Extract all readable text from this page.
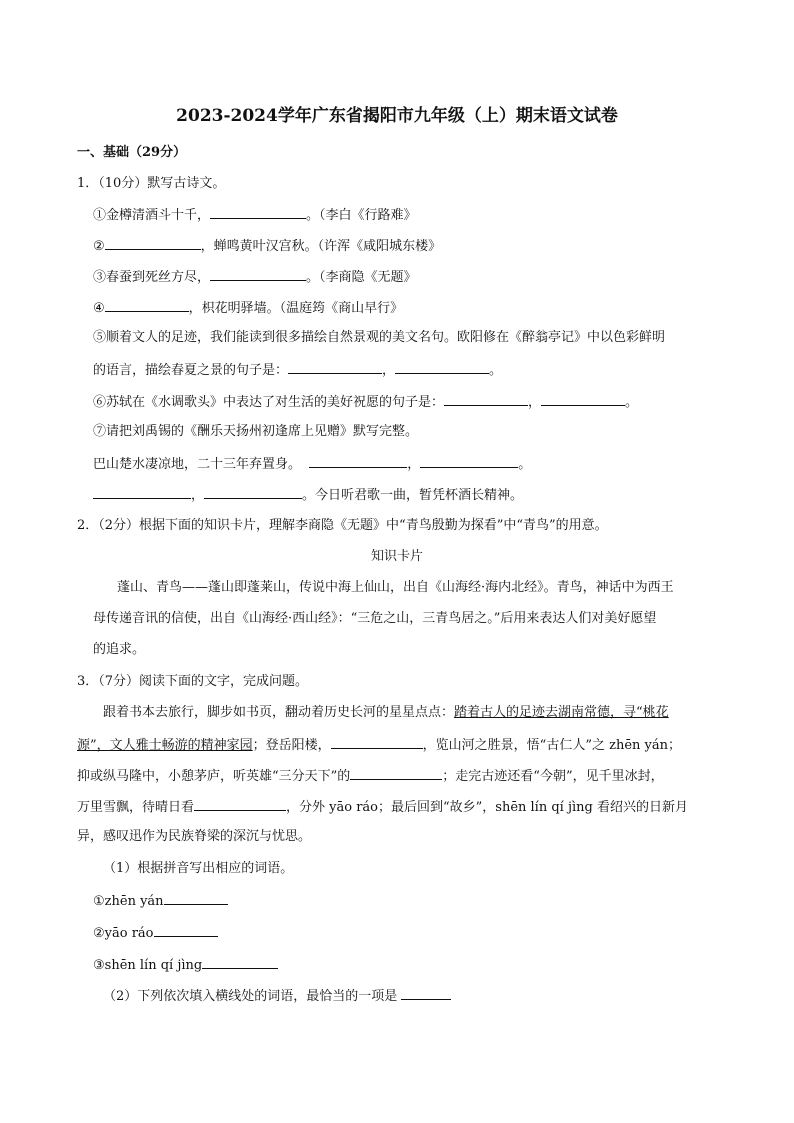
2023-2024学年广东省揭阳市九年级（上）期末语文试卷
一、基础（29分）
1．（10分）默写古诗文。
①金樽清酒斗十千，	。（李白《行路难》
②	，蝉鸣黄叶汉宫秋。（许浑《咸阳城东楼》
③春蚕到死丝方尽，	。（李商隐《无题》
④	，枳花明驿墙。（温庭筠《商山早行》
⑤顺着文人的足迹，我们能读到很多描绘自然景观的美文名句。欧阳修在《醉翁亭记》中以色彩鲜明
的语言，描绘春夏之景的句子是：	，	。
⑥苏轼在《水调歌头》中表达了对生活的美好祝愿的句子是：	，	。
⑦请把刘禹锡的《酬乐天扬州初逢席上见赠》默写完整。
巴山楚水凄凉地，二十三年弃置身。	，	。
，	。今日听君歌一曲，暂凭杯酒长精神。
2．（2分）根据下面的知识卡片，理解李商隐《无题》中“青鸟殷勤为探看”中“青鸟”的用意。
知识卡片
蓬山、青鸟——蓬山即蓬莱山，传说中海上仙山，出自《山海经·海内北经》。青鸟，神话中为西王
母传递音讯的信使，出自《山海经·西山经》：“三危之山，三青鸟居之。”后用来表达人们对美好愿望
的追求。
3．（7分）阅读下面的文字，完成问题。
跟着书本去旅行，脚步如书页，翻动着历史长河的星星点点：踏着古人的足迹去湖南常德，寻“桃花
源”，文人雅士畅游的精神家园；登岳阳楼，	，览山河之胜景，悟“古仁人”之 zhēn yán；
抑或纵马隆中，小憩茅庐，听英雄“三分天下”的	；走完古迹还看“今朝”，见千里冰封，
万里雪飘，待晴日看	，分外 yāo ráo；最后回到“故乡”，shēn lín qí jìng 看绍兴的日新月
异，感叹迅作为民族脊梁的深沉与忧思。
（1）根据拼音写出相应的词语。
①zhēn yán
②yāo ráo
③shēn lín qí jìng
（2）下列依次填入横线处的词语，最恰当的一项是
